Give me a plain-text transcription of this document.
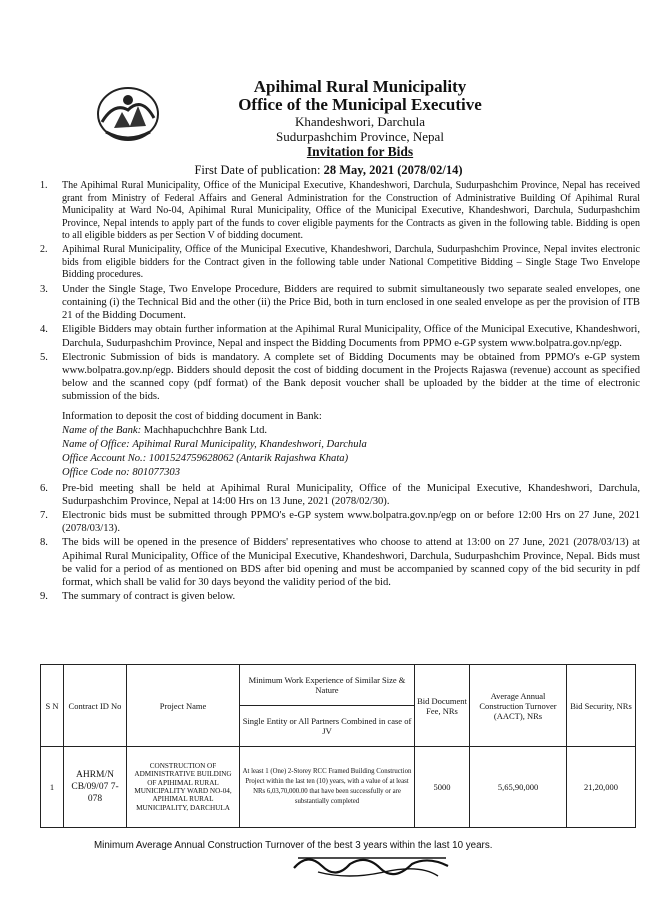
Apihimal Rural Municipality
Office of the Municipal Executive
Khandeshwori, Darchula
Sudurpashchim Province, Nepal
Invitation for Bids
First Date of publication: 28 May, 2021 (2078/02/14)
1.	The Apihimal Rural Municipality, Office of the Municipal Executive, Khandeshwori, Darchula, Sudurpashchim Province, Nepal has received grant from Ministry of Federal Affairs and General Administration for the Construction of Administrative Building Of Apihimal Rural Municipality at Ward No-04, Apihimal Rural Municipality, Office of the Municipal Executive, Khandeshwori, Darchula, Sudurpashchim Province, Nepal intends to apply part of the funds to cover eligible payments for the Contracts as given in the following table. Bidding is open to all eligible bidders as per Section V of bidding document.
2.	Apihimal Rural Municipality, Office of the Municipal Executive, Khandeshwori, Darchula, Sudurpashchim Province, Nepal invites electronic bids from eligible bidders for the Contract given in the following table under National Competitive Bidding – Single Stage Two Envelope Bidding procedures.
3.	Under the Single Stage, Two Envelope Procedure, Bidders are required to submit simultaneously two separate sealed envelopes, one containing (i) the Technical Bid and the other (ii) the Price Bid, both in turn enclosed in one sealed envelope as per the provision of ITB 21 of the Bidding Document.
4.	Eligible Bidders may obtain further information at the Apihimal Rural Municipality, Office of the Municipal Executive, Khandeshwori, Darchula, Sudurpashchim Province, Nepal and inspect the Bidding Documents from PPMO e-GP system www.bolpatra.gov.np/egp.
5.	Electronic Submission of bids is mandatory. A complete set of Bidding Documents may be obtained from PPMO's e-GP system www.bolpatra.gov.np/egp. Bidders should deposit the cost of bidding document in the Projects Rajaswa (revenue) account as specified below and the scanned copy (pdf format) of the Bank deposit voucher shall be uploaded by the bidder at the time of electronic submission of the bids.
Information to deposit the cost of bidding document in Bank:
Name of the Bank: Machhapuchchhre Bank Ltd.
Name of Office: Apihimal Rural Municipality, Khandeshwori, Darchula
Office Account No.: 1001524759628062 (Antarik Rajashwa Khata)
Office Code no: 801077303
6.	Pre-bid meeting shall be held at Apihimal Rural Municipality, Office of the Municipal Executive, Khandeshwori, Darchula, Sudurpashchim Province, Nepal at 14:00 Hrs on 13 June, 2021 (2078/02/30).
7.	Electronic bids must be submitted through PPMO's e-GP system www.bolpatra.gov.np/egp on or before 12:00 Hrs on 27 June, 2021 (2078/03/13).
8.	The bids will be opened in the presence of Bidders' representatives who choose to attend at 13:00 on 27 June, 2021 (2078/03/13) at Apihimal Rural Municipality, Office of the Municipal Executive, Khandeshwori, Darchula, Sudurpashchim Province, Nepal. Bids must be valid for a period of as mentioned on BDS after bid opening and must be accompanied by scanned copy of the bid security in pdf format, which shall be valid for 30 days beyond the validity period of the bid.
9.	The summary of contract is given below.
S N	Contract ID No	Project Name	Minimum Work Experience of Similar Size & Nature	Bid Document Fee, NRs	Average Annual Construction Turnover (AACT), NRs	Bid Security, NRs
			Single Entity or All Partners Combined in case of JV			
1	AHRM/N CB/09/07 7-078	CONSTRUCTION OF ADMINISTRATIVE BUILDING OF APIHIMAL RURAL MUNICIPALITY WARD NO-04, APIHIMAL RURAL MUNICIPALITY, DARCHULA	At least 1 (One) 2-Storey RCC Framed Building Construction Project within the last ten (10) years, with a value of at least NRs 6,03,70,000.00 that have been successfully or are substantially completed	5000	5,65,90,000	21,20,000
Minimum Average Annual Construction Turnover of the best 3 years within the last 10 years.
